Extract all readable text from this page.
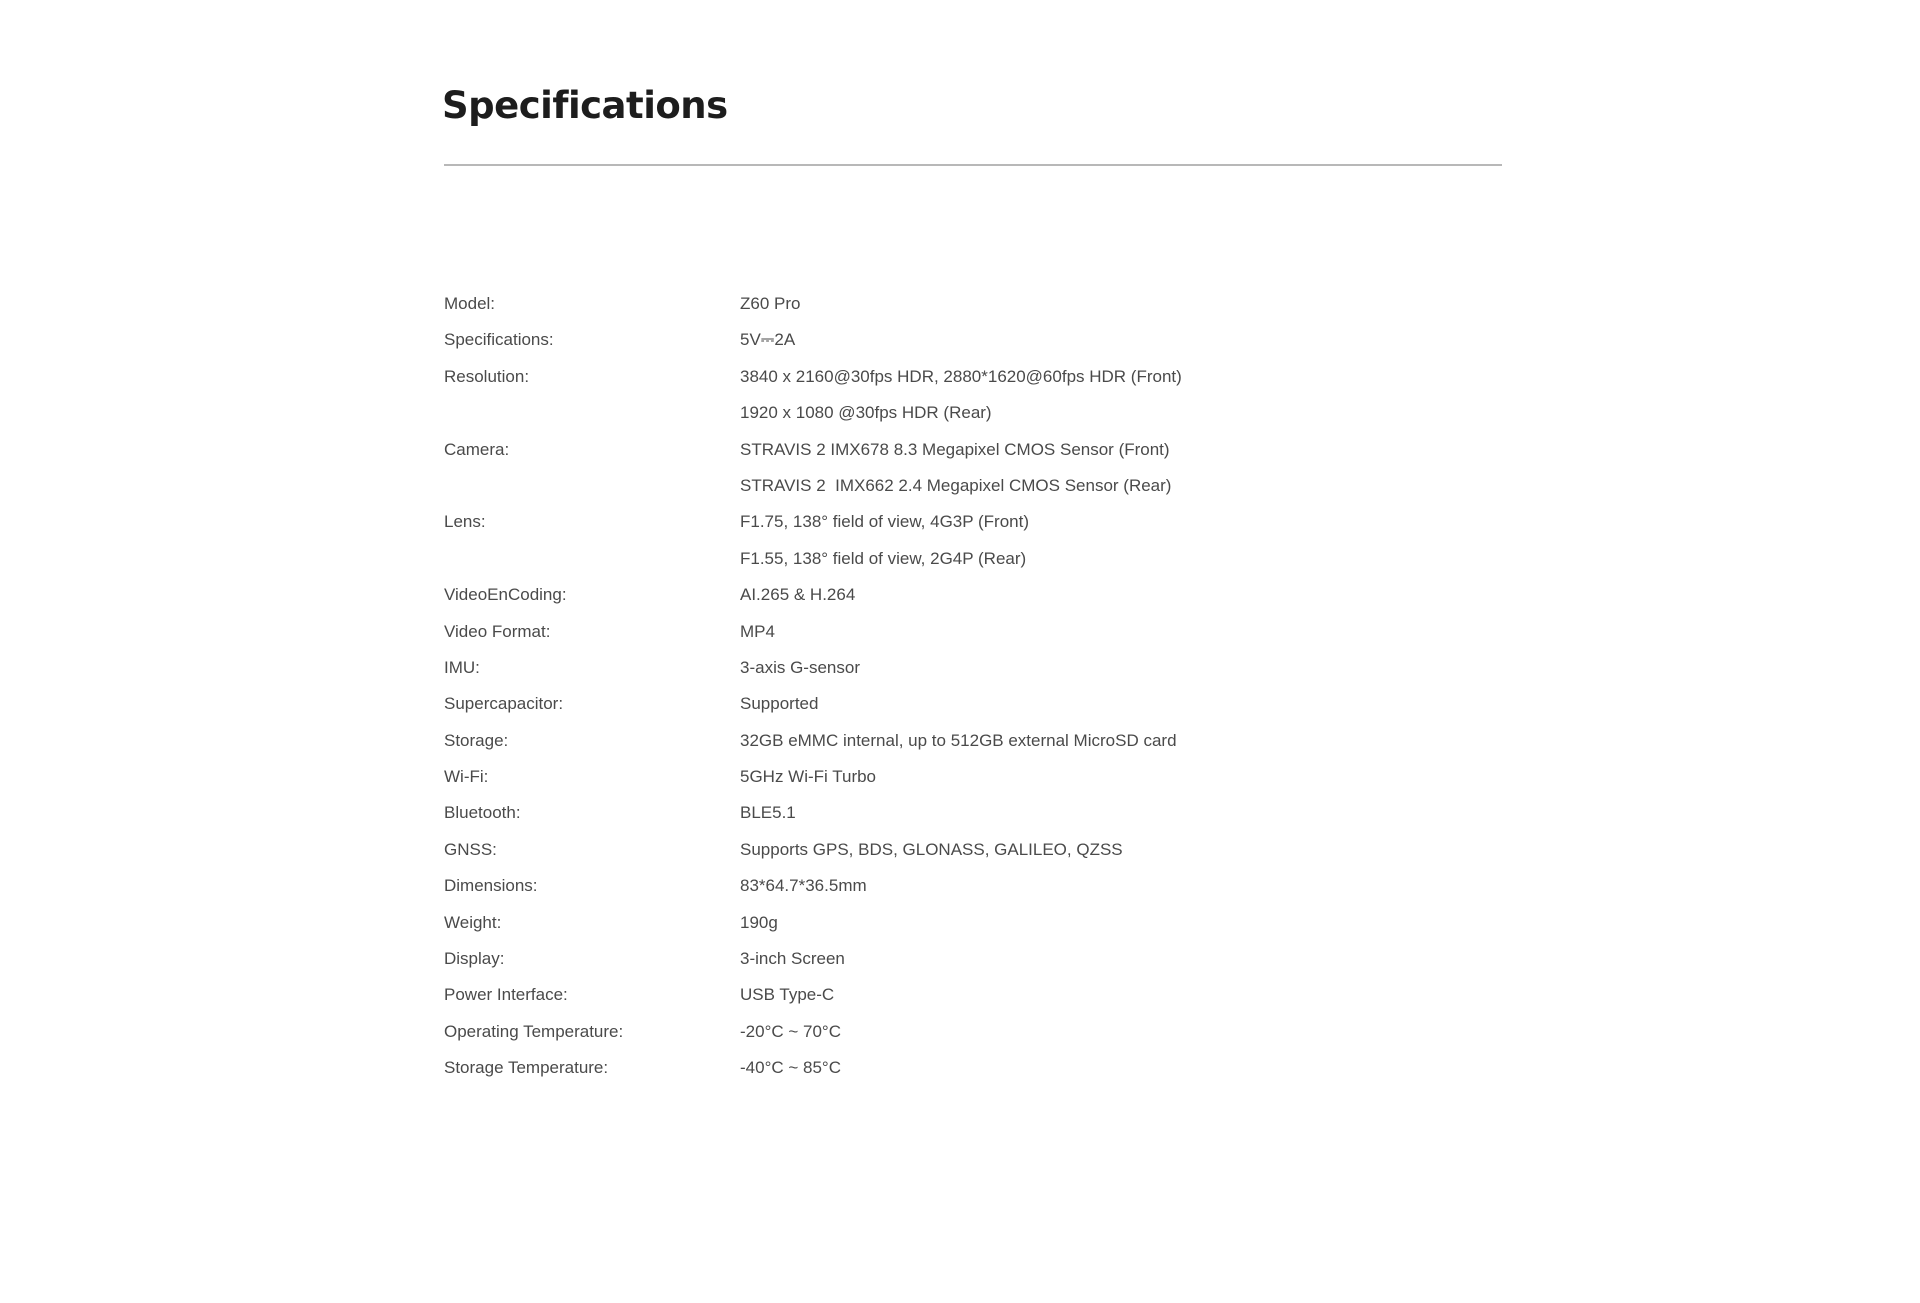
Specifications
Model:	Z60 Pro
Specifications:	5V⎓2A
Resolution:	3840 x 2160@30fps HDR, 2880*1620@60fps HDR (Front)
1920 x 1080 @30fps HDR (Rear)
Camera:	STRAVIS 2 IMX678 8.3 Megapixel CMOS Sensor (Front)
STRAVIS 2  IMX662 2.4 Megapixel CMOS Sensor (Rear)
Lens:	F1.75, 138° field of view, 4G3P (Front)
F1.55, 138° field of view, 2G4P (Rear)
VideoEnCoding:	AI.265 & H.264
Video Format:	MP4
IMU:	3-axis G-sensor
Supercapacitor:	Supported
Storage:	32GB eMMC internal, up to 512GB external MicroSD card
Wi-Fi:	5GHz Wi-Fi Turbo
Bluetooth:	BLE5.1
GNSS:	Supports GPS, BDS, GLONASS, GALILEO, QZSS
Dimensions:	83*64.7*36.5mm
Weight:	190g
Display:	3-inch Screen
Power Interface:	USB Type-C
Operating Temperature:	-20°C ~ 70°C
Storage Temperature:	-40°C ~ 85°C
